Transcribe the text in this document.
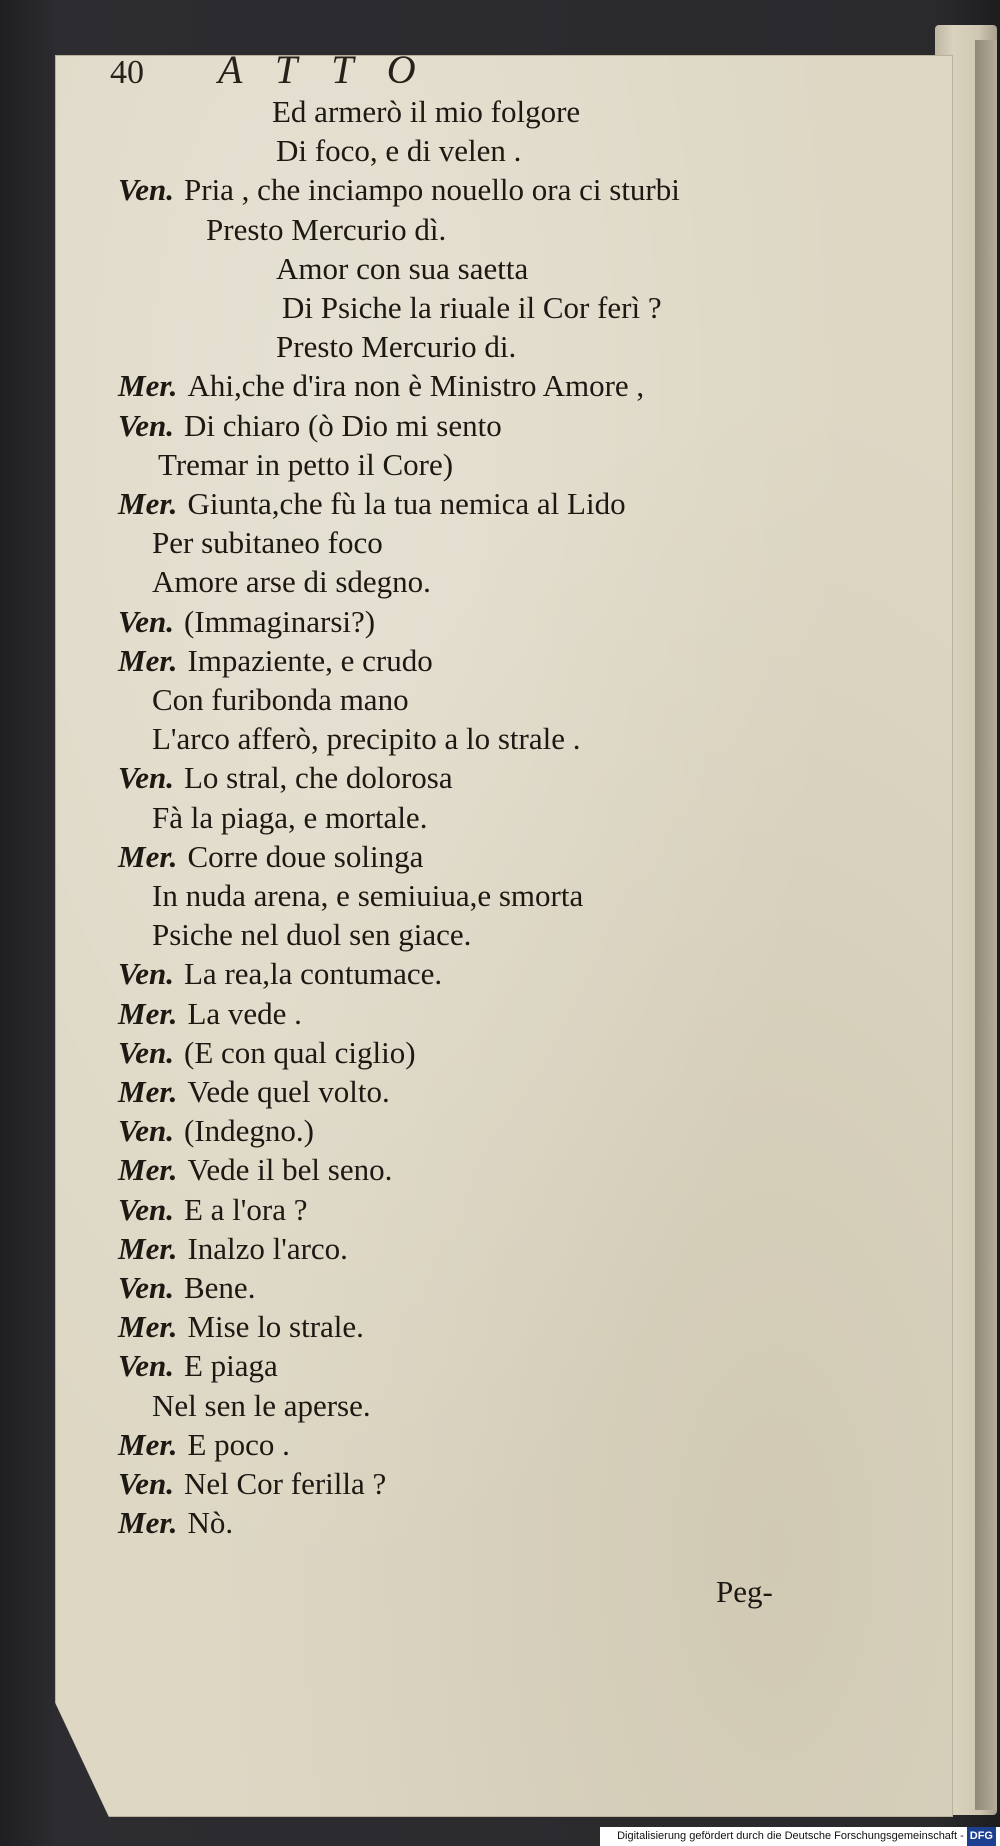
40 ATTO
Ed armerò il mio folgore
Di foco, e di velen .
Ven. Pria , che inciampo nouello ora ci sturbi
Presto Mercurio dì.
Amor con sua saetta
Di Psiche la riuale il Cor ferì ?
Presto Mercurio di.
Mer. Ahi,che d'ira non è Ministro Amore ,
Ven. Di chiaro (ò Dio mi sento
Tremar in petto il Core)
Mer. Giunta,che fù la tua nemica al Lido
Per subitaneo foco
Amore arse di sdegno.
Ven. (Immaginarsi?)
Mer. Impaziente, e crudo
Con furibonda mano
L'arco afferò, precipito a lo strale .
Ven. Lo stral, che dolorosa
Fà la piaga, e mortale.
Mer. Corre doue solinga
In nuda arena, e semiuiua,e smorta
Psiche nel duol sen giace.
Ven. La rea,la contumace.
Mer. La vede .
Ven. (E con qual ciglio)
Mer. Vede quel volto.
Ven. (Indegno.)
Mer. Vede il bel seno.
Ven. E a l'ora ?
Mer. Inalzo l'arco.
Ven. Bene.
Mer. Mise lo strale.
Ven. E piaga
Nel sen le aperse.
Mer. E poco .
Ven. Nel Cor ferilla ?
Mer. Nò.
Peg-
Digitalisierung gefördert durch die Deutsche Forschungsgemeinschaft - DFG
